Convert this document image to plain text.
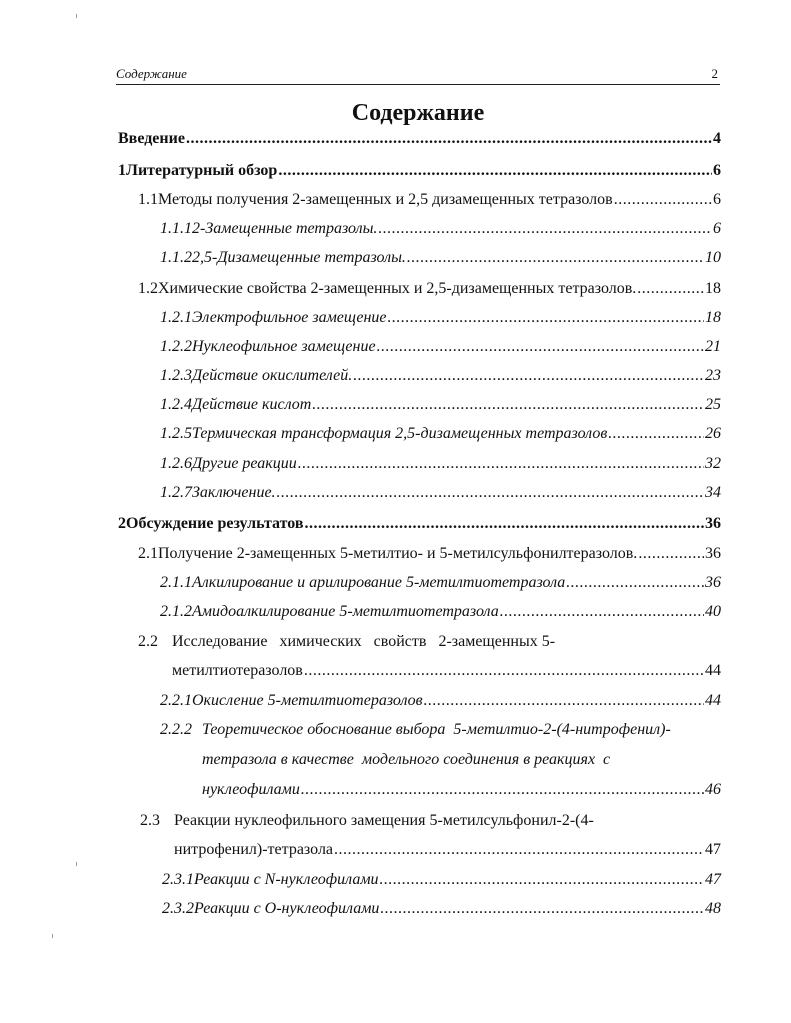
Содержание	2
Содержание
Введение .....	4
1 Литературный обзор .....	6
1.1 Методы получения 2-замещенных и 2,5 дизамещенных тетразолов .....	6
1.1.1 2-Замещенные тетразолы. .....	6
1.1.2 2,5-Дизамещенные тетразолы. .....	10
1.2 Химические свойства 2-замещенных и 2,5-дизамещенных тетразолов. .....	18
1.2.1 Электрофильное замещение .....	18
1.2.2 Нуклеофильное замещение .....	21
1.2.3 Действие окислителей. .....	23
1.2.4 Действие кислот .....	25
1.2.5 Термическая трансформация 2,5-дизамещенных тетразолов .....	26
1.2.6 Другие реакции .....	32
1.2.7 Заключение. .....	34
2 Обсуждение результатов .....	36
2.1 Получение 2-замещенных 5-метилтио- и 5-метилсульфонилтеразолов. .....	36
2.1.1 Алкилирование и арилирование 5-метилтиотетразола .....	36
2.1.2 Амидоалкилирование 5-метилтиотетразола .....	40
2.2 Исследование   химических   свойств   2-замещенных 5-
метилтиотеразолов .....	44
2.2.1 Окисление 5-метилтиотеразолов .....	44
2.2.2 Теоретическое обоснование выбора  5-метилтио-2-(4-нитрофенил)-
тетразола в качестве  модельного соединения в реакциях  с
нуклеофилами .....	46
2.3 Реакции нуклеофильного замещения 5-метилсульфонил-2-(4-
нитрофенил)-тетразола .....	47
2.3.1 Реакции с N-нуклеофилами .....	47
2.3.2 Реакции с О-нуклеофилами .....	48
